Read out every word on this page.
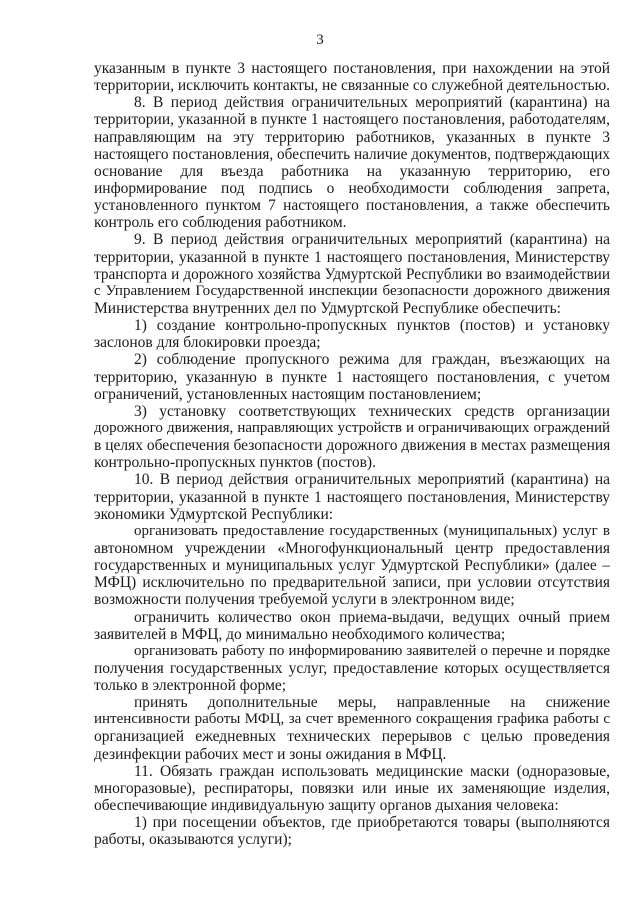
3
указанным в пункте 3 настоящего постановления, при нахождении на этой
территории, исключить контакты, не связанные со служебной деятельностью.
8. В период действия ограничительных мероприятий (карантина) на
территории, указанной в пункте 1 настоящего постановления, работодателям,
направляющим на эту территорию работников, указанных в пункте 3
настоящего постановления, обеспечить наличие документов, подтверждающих
основание для въезда работника на указанную территорию, его
информирование под подпись о необходимости соблюдения запрета,
установленного пунктом 7 настоящего постановления, а также обеспечить
контроль его соблюдения работником.
9. В период действия ограничительных мероприятий (карантина) на
территории, указанной в пункте 1 настоящего постановления, Министерству
транспорта и дорожного хозяйства Удмуртской Республики во взаимодействии
с Управлением Государственной инспекции безопасности дорожного движения
Министерства внутренних дел по Удмуртской Республике обеспечить:
1) создание контрольно-пропускных пунктов (постов) и установку
заслонов для блокировки проезда;
2) соблюдение пропускного режима для граждан, въезжающих на
территорию, указанную в пункте 1 настоящего постановления, с учетом
ограничений, установленных настоящим постановлением;
3) установку соответствующих технических средств организации
дорожного движения, направляющих устройств и ограничивающих ограждений
в целях обеспечения безопасности дорожного движения в местах размещения
контрольно-пропускных пунктов (постов).
10. В период действия ограничительных мероприятий (карантина) на
территории, указанной в пункте 1 настоящего постановления, Министерству
экономики Удмуртской Республики:
организовать предоставление государственных (муниципальных) услуг в
автономном учреждении «Многофункциональный центр предоставления
государственных и муниципальных услуг Удмуртской Республики» (далее –
МФЦ) исключительно по предварительной записи, при условии отсутствия
возможности получения требуемой услуги в электронном виде;
ограничить количество окон приема-выдачи, ведущих очный прием
заявителей в МФЦ, до минимально необходимого количества;
организовать работу по информированию заявителей о перечне и порядке
получения государственных услуг, предоставление которых осуществляется
только в электронной форме;
принять дополнительные меры, направленные на снижение
интенсивности работы МФЦ, за счет временного сокращения графика работы с
организацией ежедневных технических перерывов с целью проведения
дезинфекции рабочих мест и зоны ожидания в МФЦ.
11. Обязать граждан использовать медицинские маски (одноразовые,
многоразовые), респираторы, повязки или иные их заменяющие изделия,
обеспечивающие индивидуальную защиту органов дыхания человека:
1) при посещении объектов, где приобретаются товары (выполняются
работы, оказываются услуги);
